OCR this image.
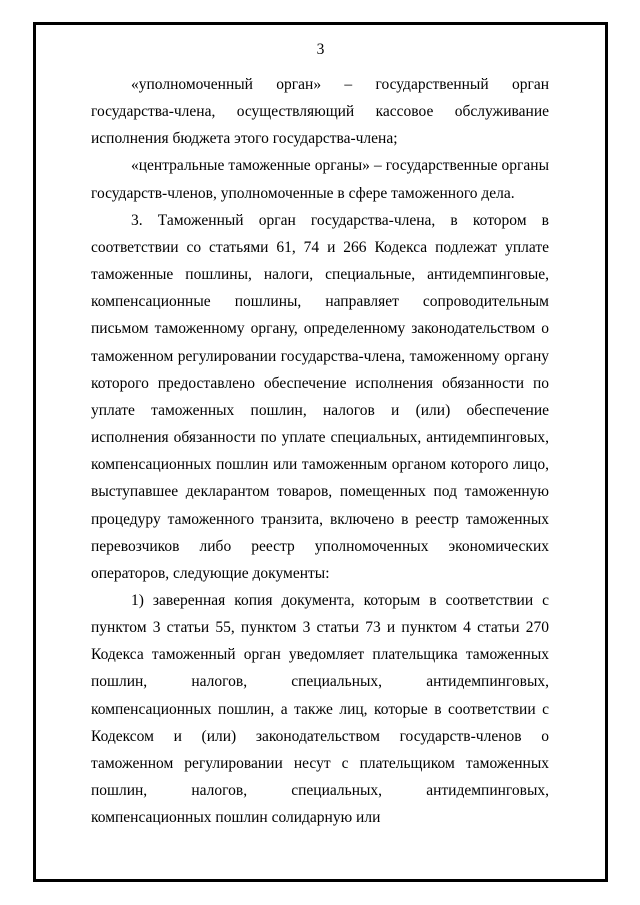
3

«уполномоченный орган» – государственный орган государства-члена, осуществляющий кассовое обслуживание исполнения бюджета этого государства-члена;

«центральные таможенные органы» – государственные органы государств-членов, уполномоченные в сфере таможенного дела.

3. Таможенный орган государства-члена, в котором в соответствии со статьями 61, 74 и 266 Кодекса подлежат уплате таможенные пошлины, налоги, специальные, антидемпинговые, компенсационные пошлины, направляет сопроводительным письмом таможенному органу, определенному законодательством о таможенном регулировании государства-члена, таможенному органу которого предоставлено обеспечение исполнения обязанности по уплате таможенных пошлин, налогов и (или) обеспечение исполнения обязанности по уплате специальных, антидемпинговых, компенсационных пошлин или таможенным органом которого лицо, выступавшее декларантом товаров, помещенных под таможенную процедуру таможенного транзита, включено в реестр таможенных перевозчиков либо реестр уполномоченных экономических операторов, следующие документы:

1) заверенная копия документа, которым в соответствии с пунктом 3 статьи 55, пунктом 3 статьи 73 и пунктом 4 статьи 270 Кодекса таможенный орган уведомляет плательщика таможенных пошлин, налогов, специальных, антидемпинговых, компенсационных пошлин, а также лиц, которые в соответствии с Кодексом и (или) законодательством государств-членов о таможенном регулировании несут с плательщиком таможенных пошлин, налогов, специальных, антидемпинговых, компенсационных пошлин солидарную или
